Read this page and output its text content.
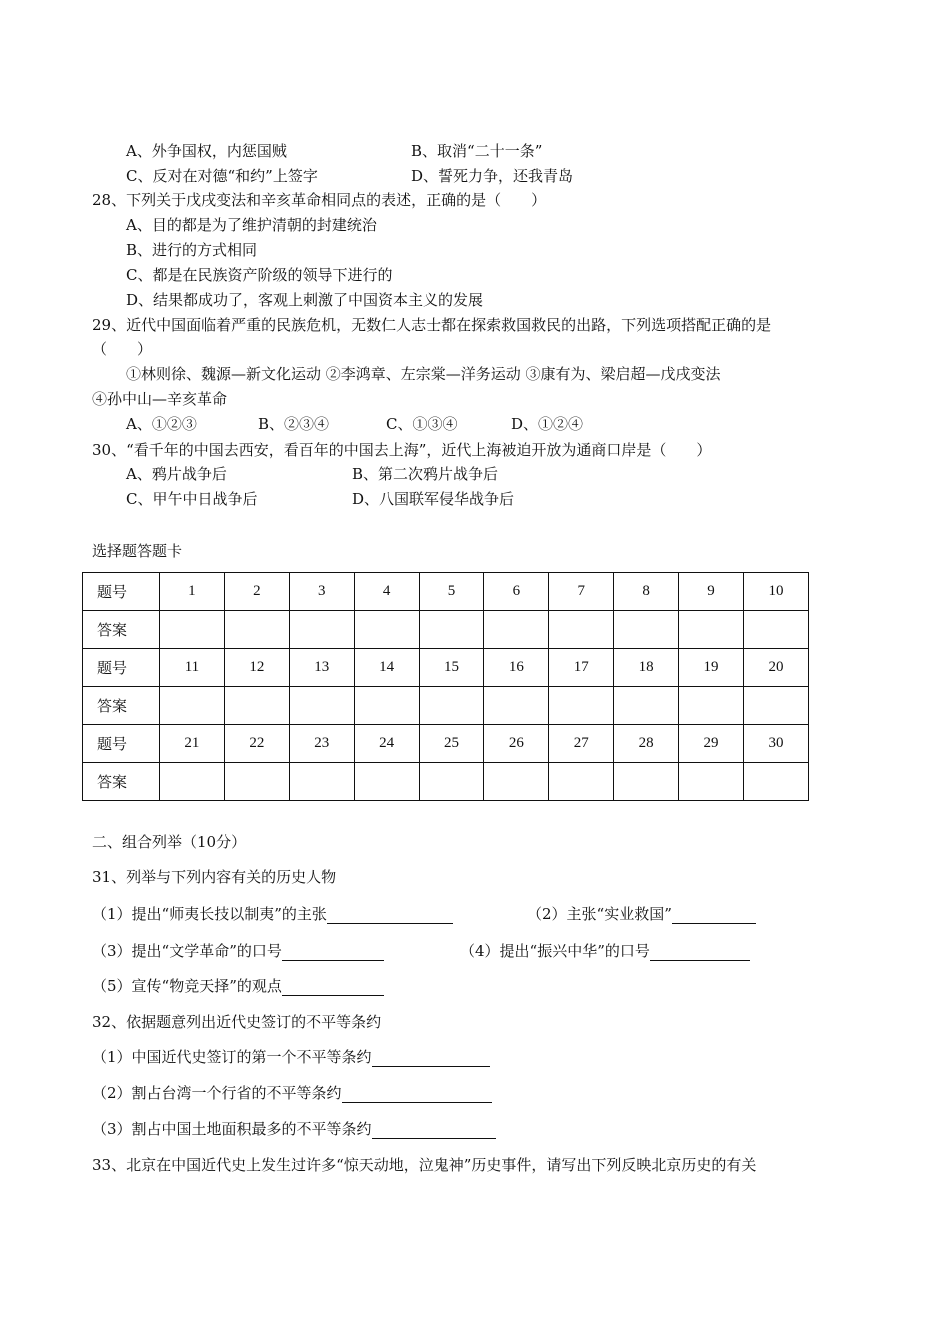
A、外争国权，内惩国贼	B、取消“二十一条”
C、反对在对德“和约”上签字	D、誓死力争，还我青岛
28、下列关于戊戌变法和辛亥革命相同点的表述，正确的是（　　）
A、目的都是为了维护清朝的封建统治
B、进行的方式相同
C、都是在民族资产阶级的领导下进行的
D、结果都成功了，客观上刺激了中国资本主义的发展
29、近代中国面临着严重的民族危机，无数仁人志士都在探索救国救民的出路，下列选项搭配正确的是
（　　）
①林则徐、魏源—新文化运动 ②李鸿章、左宗棠—洋务运动 ③康有为、梁启超—戊戌变法
④孙中山—辛亥革命
A、①②③	B、②③④	C、①③④	D、①②④
30、“看千年的中国去西安，看百年的中国去上海”，近代上海被迫开放为通商口岸是（　　）
A、鸦片战争后	B、第二次鸦片战争后
C、甲午中日战争后	D、八国联军侵华战争后
选择题答题卡
题号	1	2	3	4	5	6	7	8	9	10
答案										
题号	11	12	13	14	15	16	17	18	19	20
答案										
题号	21	22	23	24	25	26	27	28	29	30
答案										
二、组合列举（10分）
31、列举与下列内容有关的历史人物
（1）提出“师夷长技以制夷”的主张	（2）主张“实业救国”
（3）提出“文学革命”的口号	（4）提出“振兴中华”的口号
（5）宣传“物竞天择”的观点
32、依据题意列出近代史签订的不平等条约
（1）中国近代史签订的第一个不平等条约
（2）割占台湾一个行省的不平等条约
（3）割占中国土地面积最多的不平等条约
33、北京在中国近代史上发生过许多“惊天动地，泣鬼神”历史事件，请写出下列反映北京历史的有关
